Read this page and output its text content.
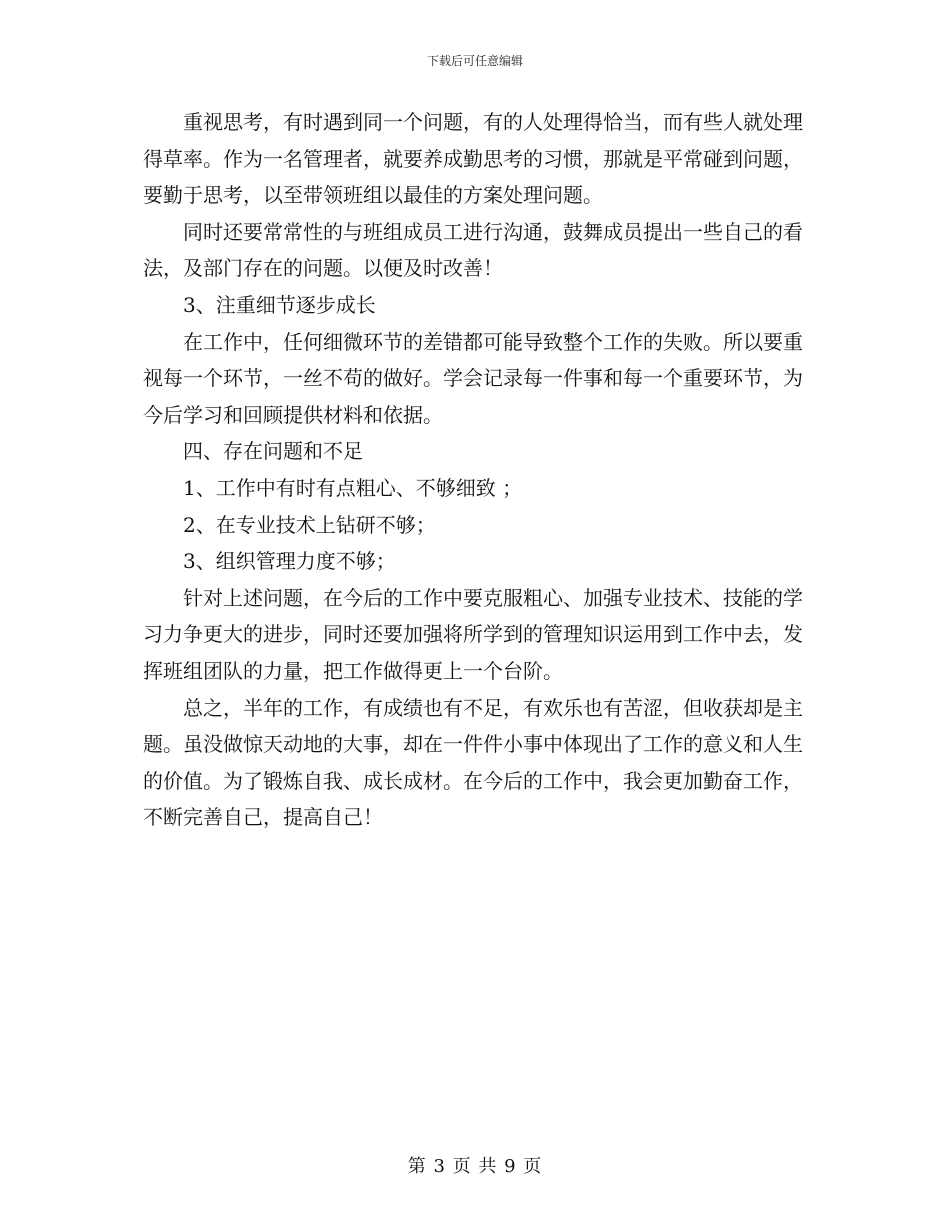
下载后可任意编辑

重视思考，有时遇到同一个问题，有的人处理得恰当，而有些人就处理得草率。作为一名管理者，就要养成勤思考的习惯，那就是平常碰到问题，要勤于思考，以至带领班组以最佳的方案处理问题。

同时还要常常性的与班组成员工进行沟通，鼓舞成员提出一些自己的看法，及部门存在的问题。以便及时改善！

3、注重细节逐步成长

在工作中，任何细微环节的差错都可能导致整个工作的失败。所以要重视每一个环节，一丝不苟的做好。学会记录每一件事和每一个重要环节，为今后学习和回顾提供材料和依据。

四、存在问题和不足

1、工作中有时有点粗心、不够细致 ；

2、在专业技术上钻研不够；

3、组织管理力度不够；

针对上述问题，在今后的工作中要克服粗心、加强专业技术、技能的学习力争更大的进步，同时还要加强将所学到的管理知识运用到工作中去，发挥班组团队的力量，把工作做得更上一个台阶。

总之，半年的工作，有成绩也有不足，有欢乐也有苦涩，但收获却是主题。虽没做惊天动地的大事，却在一件件小事中体现出了工作的意义和人生的价值。为了锻炼自我、成长成材。在今后的工作中，我会更加勤奋工作，不断完善自己，提高自己！

第 3 页 共 9 页
